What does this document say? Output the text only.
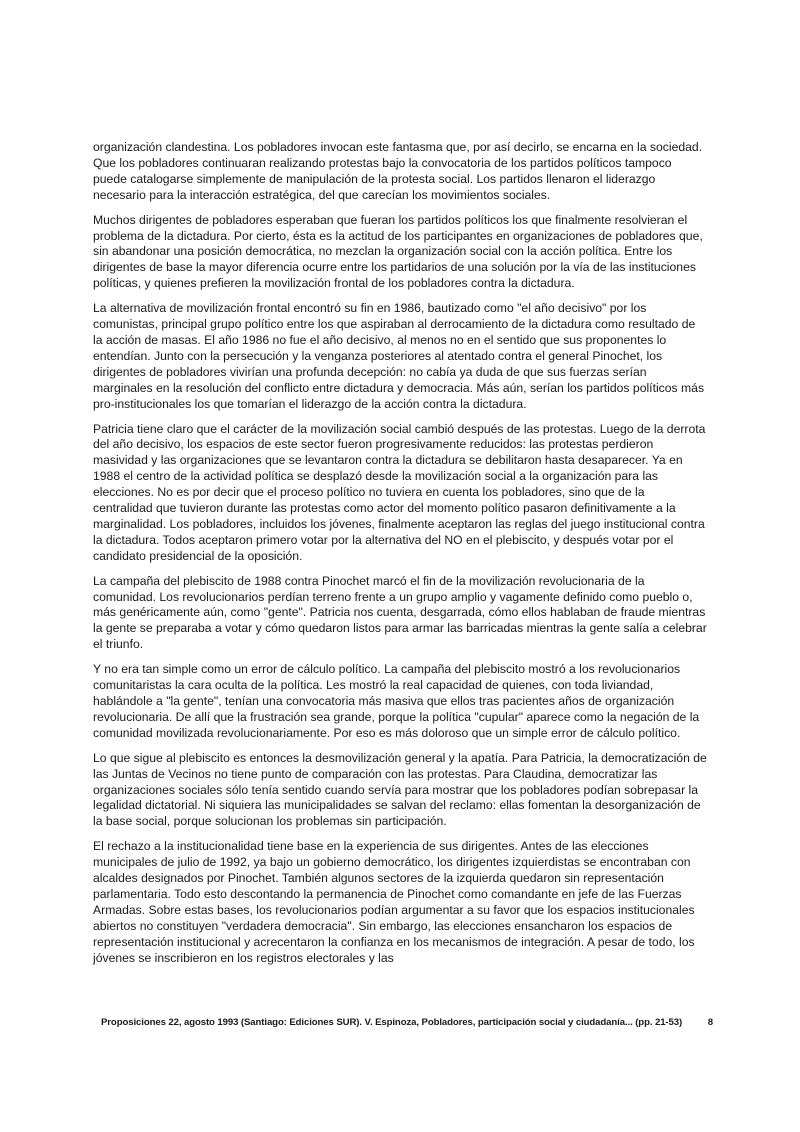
organización clandestina. Los pobladores invocan este fantasma que, por así decirlo, se encarna en la sociedad. Que los pobladores continuaran realizando protestas bajo la convocatoria de los partidos políticos tampoco puede catalogarse simplemente de manipulación de la protesta social. Los partidos llenaron el liderazgo necesario para la interacción estratégica, del que carecían los movimientos sociales.

Muchos dirigentes de pobladores esperaban que fueran los partidos políticos los que finalmente resolvieran el problema de la dictadura. Por cierto, ésta es la actitud de los participantes en organizaciones de pobladores que, sin abandonar una posición democrática, no mezclan la organización social con la acción política. Entre los dirigentes de base la mayor diferencia ocurre entre los partidarios de una solución por la vía de las instituciones políticas, y quienes prefieren la movilización frontal de los pobladores contra la dictadura.

La alternativa de movilización frontal encontró su fin en 1986, bautizado como "el año decisivo" por los comunistas, principal grupo político entre los que aspiraban al derrocamiento de la dictadura como resultado de la acción de masas. El año 1986 no fue el año decisivo, al menos no en el sentido que sus proponentes lo entendían. Junto con la persecución y la venganza posteriores al atentado contra el general Pinochet, los dirigentes de pobladores vivirían una profunda decepción: no cabía ya duda de que sus fuerzas serían marginales en la resolución del conflicto entre dictadura y democracia. Más aún, serían los partidos políticos más pro-institucionales los que tomarían el liderazgo de la acción contra la dictadura.

Patricia tiene claro que el carácter de la movilización social cambió después de las protestas. Luego de la derrota del año decisivo, los espacios de este sector fueron progresivamente reducidos: las protestas perdieron masividad y las organizaciones que se levantaron contra la dictadura se debilitaron hasta desaparecer. Ya en 1988 el centro de la actividad política se desplazó desde la movilización social a la organización para las elecciones. No es por decir que el proceso político no tuviera en cuenta los pobladores, sino que de la centralidad que tuvieron durante las protestas como actor del momento político pasaron definitivamente a la marginalidad. Los pobladores, incluidos los jóvenes, finalmente aceptaron las reglas del juego institucional contra la dictadura. Todos aceptaron primero votar por la alternativa del NO en el plebiscito, y después votar por el candidato presidencial de la oposición.

La campaña del plebiscito de 1988 contra Pinochet marcó el fin de la movilización revolucionaria de la comunidad. Los revolucionarios perdían terreno frente a un grupo amplio y vagamente definido como pueblo o, más genéricamente aún, como "gente". Patricia nos cuenta, desgarrada, cómo ellos hablaban de fraude mientras la gente se preparaba a votar y cómo quedaron listos para armar las barricadas mientras la gente salía a celebrar el triunfo.

Y no era tan simple como un error de cálculo político. La campaña del plebiscito mostró a los revolucionarios comunitaristas la cara oculta de la política. Les mostró la real capacidad de quienes, con toda liviandad, hablándole a "la gente", tenían una convocatoria más masiva que ellos tras pacientes años de organización revolucionaria. De allí que la frustración sea grande, porque la política "cupular" aparece como la negación de la comunidad movilizada revolucionariamente. Por eso es más doloroso que un simple error de cálculo político.

Lo que sigue al plebiscito es entonces la desmovilización general y la apatía. Para Patricia, la democratización de las Juntas de Vecinos no tiene punto de comparación con las protestas. Para Claudina, democratizar las organizaciones sociales sólo tenía sentido cuando servía para mostrar que los pobladores podían sobrepasar la legalidad dictatorial. Ni siquiera las municipalidades se salvan del reclamo: ellas fomentan la desorganización de la base social, porque solucionan los problemas sin participación.

El rechazo a la institucionalidad tiene base en la experiencia de sus dirigentes. Antes de las elecciones municipales de julio de 1992, ya bajo un gobierno democrático, los dirigentes izquierdistas se encontraban con alcaldes designados por Pinochet. También algunos sectores de la izquierda quedaron sin representación parlamentaria. Todo esto descontando la permanencia de Pinochet como comandante en jefe de las Fuerzas Armadas. Sobre estas bases, los revolucionarios podían argumentar a su favor que los espacios institucionales abiertos no constituyen "verdadera democracia". Sin embargo, las elecciones ensancharon los espacios de representación institucional y acrecentaron la confianza en los mecanismos de integración. A pesar de todo, los jóvenes se inscribieron en los registros electorales y las

Proposiciones 22, agosto 1993 (Santiago: Ediciones SUR). V. Espinoza, Pobladores, participación social y ciudadanía... (pp. 21-53)	8
